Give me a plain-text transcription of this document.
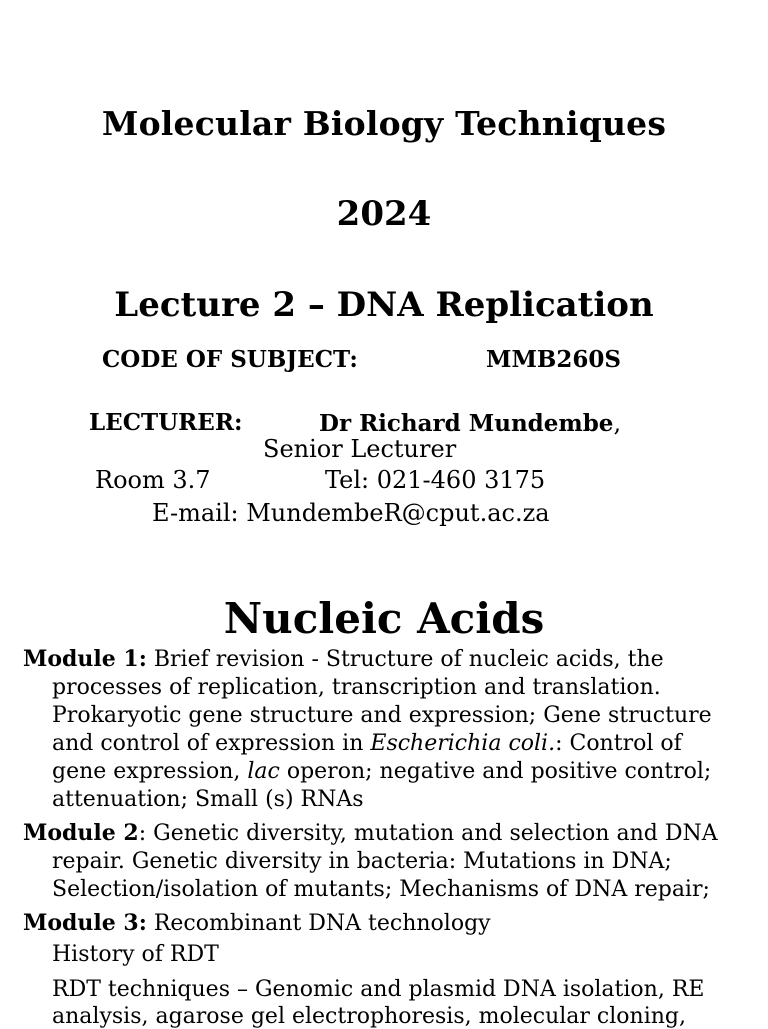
Molecular Biology Techniques
2024
Lecture 2 – DNA Replication
CODE OF SUBJECT:	MMB260S
LECTURER:	Dr Richard Mundembe,
Senior Lecturer
Room 3.7	Tel: 021-460 3175
E-mail: MundembeR@cput.ac.za
Nucleic Acids
Module 1: Brief revision - Structure of nucleic acids, the
processes of replication, transcription and translation.
Prokaryotic gene structure and expression; Gene structure
and control of expression in Escherichia coli.: Control of
gene expression, lac operon; negative and positive control;
attenuation; Small (s) RNAs
Module 2: Genetic diversity, mutation and selection and DNA
repair. Genetic diversity in bacteria: Mutations in DNA;
Selection/isolation of mutants; Mechanisms of DNA repair;
Module 3: Recombinant DNA technology
History of RDT
RDT techniques – Genomic and plasmid DNA isolation, RE
analysis, agarose gel electrophoresis, molecular cloning,
